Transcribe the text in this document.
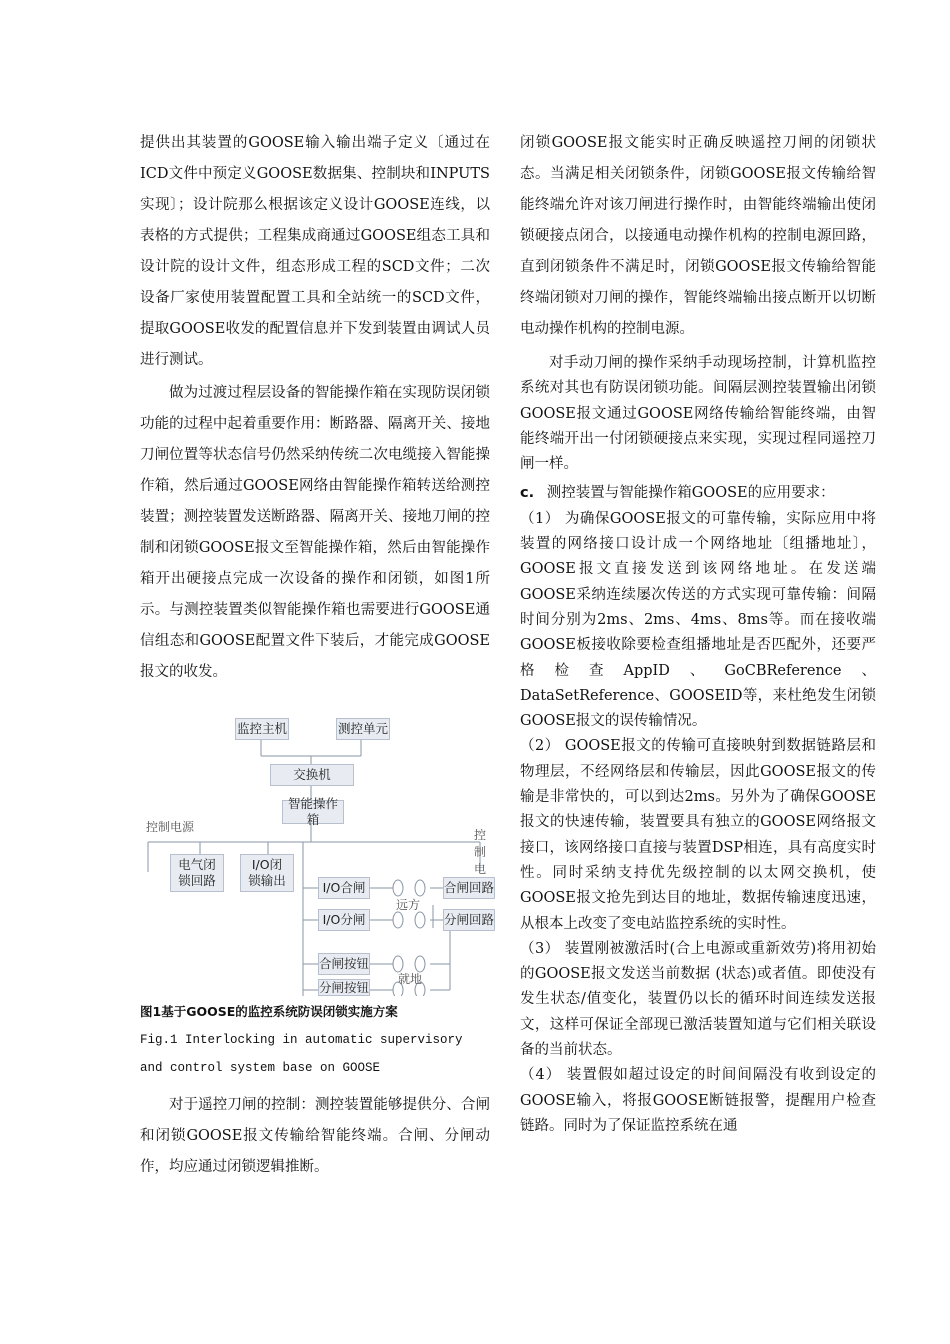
提供出其装置的GOOSE输入输出端子定义〔通过在ICD文件中预定义GOOSE数据集、控制块和INPUTS实现〕；设计院那么根据该定义设计GOOSE连线，以表格的方式提供；工程集成商通过GOOSE组态工具和设计院的设计文件，组态形成工程的SCD文件；二次设备厂家使用装置配置工具和全站统一的SCD文件，提取GOOSE收发的配置信息并下发到装置由调试人员进行测试。

做为过渡过程层设备的智能操作箱在实现防误闭锁功能的过程中起着重要作用：断路器、隔离开关、接地刀闸位置等状态信号仍然采纳传统二次电缆接入智能操作箱，然后通过GOOSE网络由智能操作箱转送给测控装置；测控装置发送断路器、隔离开关、接地刀闸的控制和闭锁GOOSE报文至智能操作箱，然后由智能操作箱开出硬接点完成一次设备的操作和闭锁，如图1所示。与测控装置类似智能操作箱也需要进行GOOSE通信组态和GOOSE配置文件下装后，才能完成GOOSE报文的收发。

监控主机	测控单元
交换机
智能操作箱
控制电源
控制电
电气闭锁回路
I/O闭锁输出	I/O合闸
I/O分闸
远方
合闸回路
分闸回路
合闸按钮
分闸按钮
就地

图1基于GOOSE的监控系统防误闭锁实施方案

Fig.1 Interlocking in automatic supervisory and control system base on GOOSE

对于遥控刀闸的控制：测控装置能够提供分、合闸和闭锁GOOSE报文传输给智能终端。合闸、分闸动作，均应通过闭锁逻辑推断。

闭锁GOOSE报文能实时正确反映遥控刀闸的闭锁状态。当满足相关闭锁条件，闭锁GOOSE报文传输给智能终端允许对该刀闸进行操作时，由智能终端输出使闭锁硬接点闭合，以接通电动操作机构的控制电源回路，直到闭锁条件不满足时，闭锁GOOSE报文传输给智能终端闭锁对刀闸的操作，智能终端输出接点断开以切断电动操作机构的控制电源。

对手动刀闸的操作采纳手动现场控制，计算机监控系统对其也有防误闭锁功能。间隔层测控装置输出闭锁GOOSE报文通过GOOSE网络传输给智能终端，由智能终端开出一付闭锁硬接点来实现，实现过程同遥控刀闸一样。

c. 测控装置与智能操作箱GOOSE的应用要求：

（1） 为确保GOOSE报文的可靠传输，实际应用中将装置的网络接口设计成一个网络地址〔组播地址〕，GOOSE报文直接发送到该网络地址。在发送端GOOSE采纳连续屡次传送的方式实现可靠传输：间隔时间分别为2ms、2ms、4ms、8ms等。而在接收端GOOSE板接收除要检查组播地址是否匹配外，还要严格检查AppID、GoCBReference、DataSetReference、GOOSEID等，来杜绝发生闭锁GOOSE报文的误传输情况。

（2） GOOSE报文的传输可直接映射到数据链路层和物理层，不经网络层和传输层，因此GOOSE报文的传输是非常快的，可以到达2ms。另外为了确保GOOSE报文的快速传输，装置要具有独立的GOOSE网络报文接口，该网络接口直接与装置DSP相连，具有高度实时性。同时采纳支持优先级控制的以太网交换机，使GOOSE报文抢先到达目的地址，数据传输速度迅速，从根本上改变了变电站监控系统的实时性。

（3） 装置刚被激活时(合上电源或重新效劳)将用初始的GOOSE报文发送当前数据 (状态)或者值。即使没有发生状态/值变化，装置仍以长的循环时间连续发送报文，这样可保证全部现已激活装置知道与它们相关联设备的当前状态。

（4） 装置假如超过设定的时间间隔没有收到设定的GOOSE输入，将报GOOSE断链报警，提醒用户检查链路。同时为了保证监控系统在通
